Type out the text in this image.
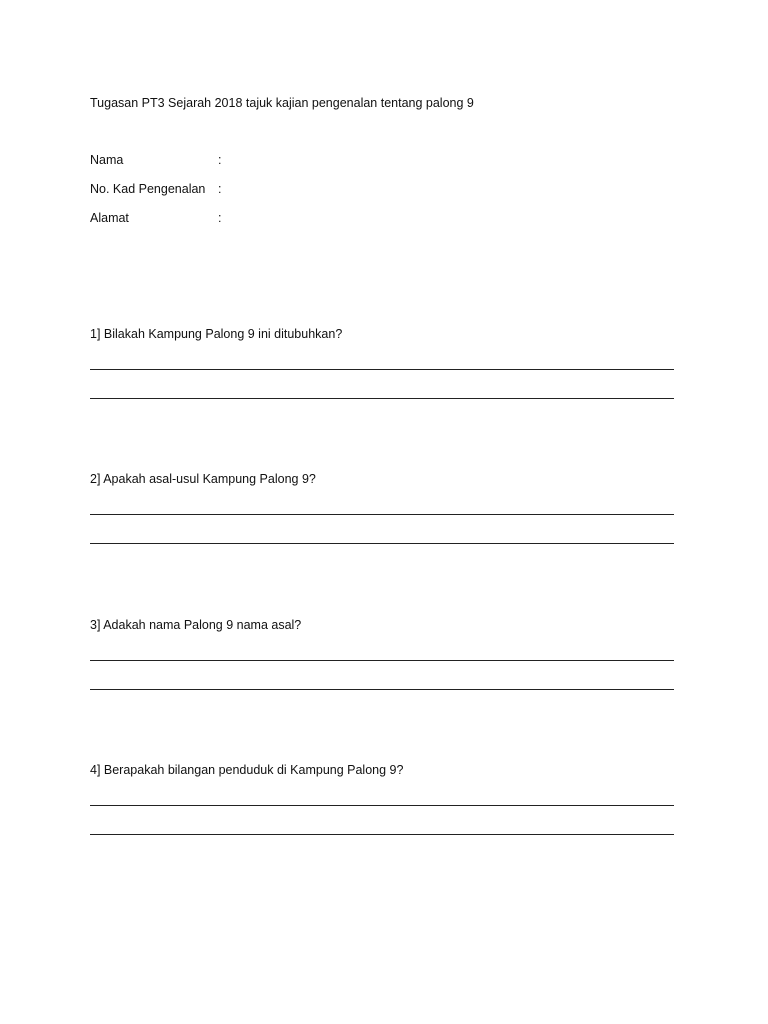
Tugasan PT3 Sejarah 2018 tajuk kajian pengenalan tentang palong 9
Nama	:
No. Kad Pengenalan :
Alamat	:
1] Bilakah Kampung Palong 9 ini ditubuhkan?
2] Apakah asal-usul Kampung Palong 9?
3] Adakah nama Palong 9 nama asal?
4] Berapakah bilangan penduduk di Kampung Palong 9?
